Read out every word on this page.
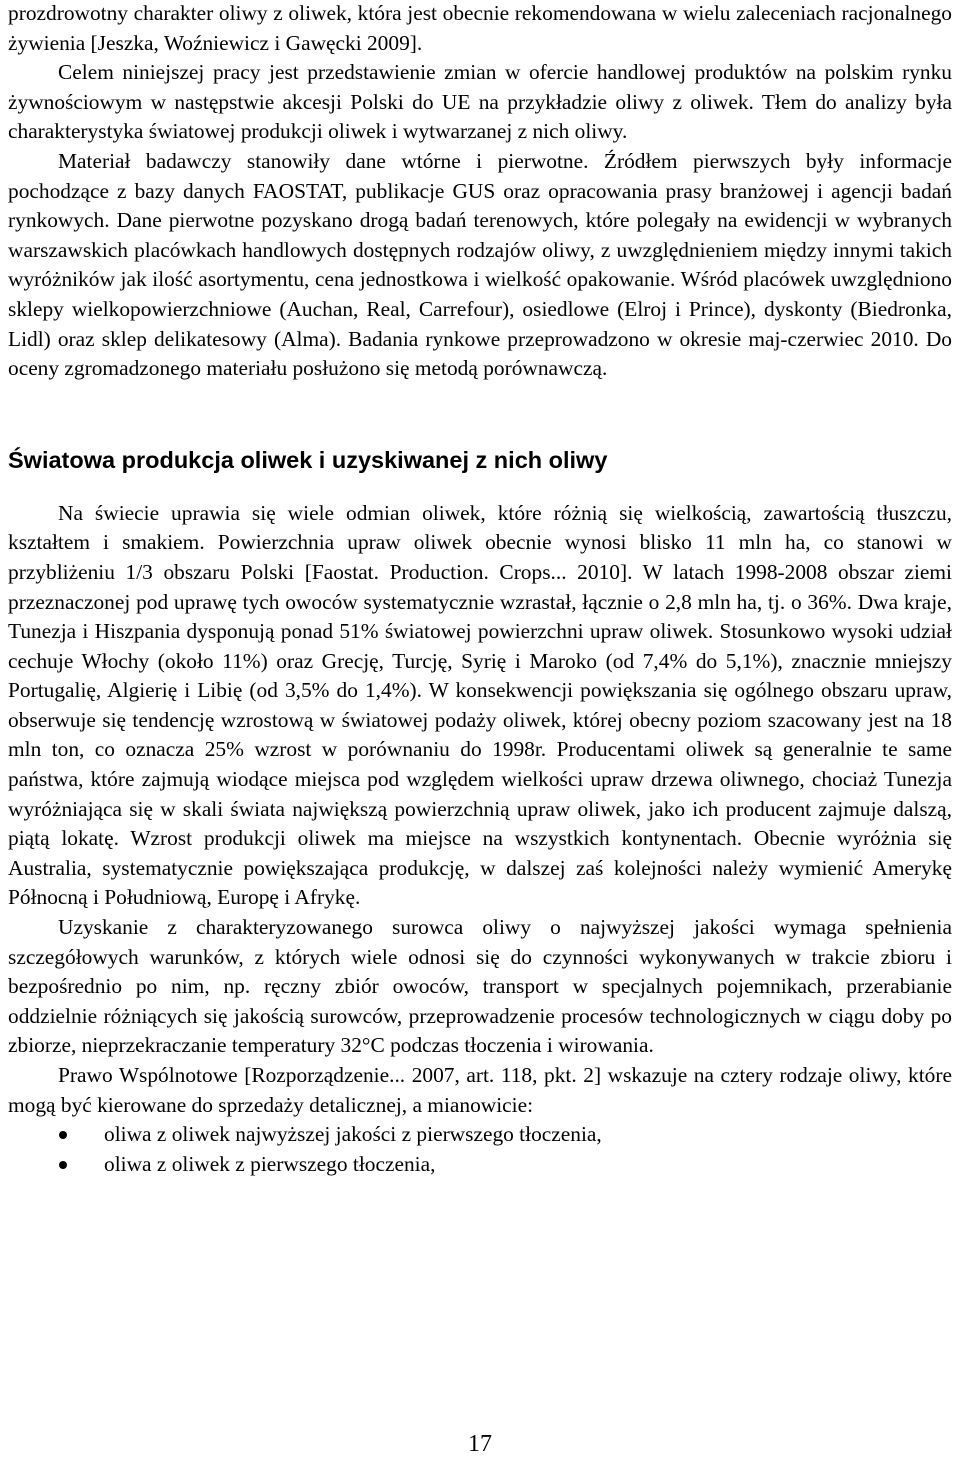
prozdrowotny charakter oliwy z oliwek, która jest obecnie rekomendowana w wielu zaleceniach racjonalnego żywienia [Jeszka, Woźniewicz i Gawęcki 2009].

Celem niniejszej pracy jest przedstawienie zmian w ofercie handlowej produktów na polskim rynku żywnościowym w następstwie akcesji Polski do UE na przykładzie oliwy z oliwek. Tłem do analizy była charakterystyka światowej produkcji oliwek i wytwarzanej z nich oliwy.

Materiał badawczy stanowiły dane wtórne i pierwotne. Źródłem pierwszych były informacje pochodzące z bazy danych FAOSTAT, publikacje GUS oraz opracowania prasy branżowej i agencji badań rynkowych. Dane pierwotne pozyskano drogą badań terenowych, które polegały na ewidencji w wybranych warszawskich placówkach handlowych dostępnych rodzajów oliwy, z uwzględnieniem między innymi takich wyróżników jak ilość asortymentu, cena jednostkowa i wielkość opakowanie. Wśród placówek uwzględniono sklepy wielkopowierzchniowe (Auchan, Real, Carrefour), osiedlowe (Elroj i Prince), dyskonty (Biedronka, Lidl) oraz sklep delikatesowy (Alma). Badania rynkowe przeprowadzono w okresie maj-czerwiec 2010. Do oceny zgromadzonego materiału posłużono się metodą porównawczą.

Światowa produkcja oliwek i uzyskiwanej z nich oliwy

Na świecie uprawia się wiele odmian oliwek, które różnią się wielkością, zawartością tłuszczu, kształtem i smakiem. Powierzchnia upraw oliwek obecnie wynosi blisko 11 mln ha, co stanowi w przybliżeniu 1/3 obszaru Polski [Faostat. Production. Crops... 2010]. W latach 1998-2008 obszar ziemi przeznaczonej pod uprawę tych owoców systematycznie wzrastał, łącznie o 2,8 mln ha, tj. o 36%. Dwa kraje, Tunezja i Hiszpania dysponują ponad 51% światowej powierzchni upraw oliwek. Stosunkowo wysoki udział cechuje Włochy (około 11%) oraz Grecję, Turcję, Syrię i Maroko (od 7,4% do 5,1%), znacznie mniejszy Portugalię, Algierię i Libię (od 3,5% do 1,4%). W konsekwencji powiększania się ogólnego obszaru upraw, obserwuje się tendencję wzrostową w światowej podaży oliwek, której obecny poziom szacowany jest na 18 mln ton, co oznacza 25% wzrost w porównaniu do 1998r. Producentami oliwek są generalnie te same państwa, które zajmują wiodące miejsca pod względem wielkości upraw drzewa oliwnego, chociaż Tunezja wyróżniająca się w skali świata największą powierzchnią upraw oliwek, jako ich producent zajmuje dalszą, piątą lokatę. Wzrost produkcji oliwek ma miejsce na wszystkich kontynentach. Obecnie wyróżnia się Australia, systematycznie powiększająca produkcję, w dalszej zaś kolejności należy wymienić Amerykę Północną i Południową, Europę i Afrykę.

Uzyskanie z charakteryzowanego surowca oliwy o najwyższej jakości wymaga spełnienia szczegółowych warunków, z których wiele odnosi się do czynności wykonywanych w trakcie zbioru i bezpośrednio po nim, np. ręczny zbiór owoców, transport w specjalnych pojemnikach, przerabianie oddzielnie różniących się jakością surowców, przeprowadzenie procesów technologicznych w ciągu doby po zbiorze, nieprzekraczanie temperatury 32°C podczas tłoczenia i wirowania.

Prawo Wspólnotowe [Rozporządzenie... 2007, art. 118, pkt. 2] wskazuje na cztery rodzaje oliwy, które mogą być kierowane do sprzedaży detalicznej, a mianowicie:

oliwa z oliwek najwyższej jakości z pierwszego tłoczenia,
oliwa z oliwek z pierwszego tłoczenia,
17
